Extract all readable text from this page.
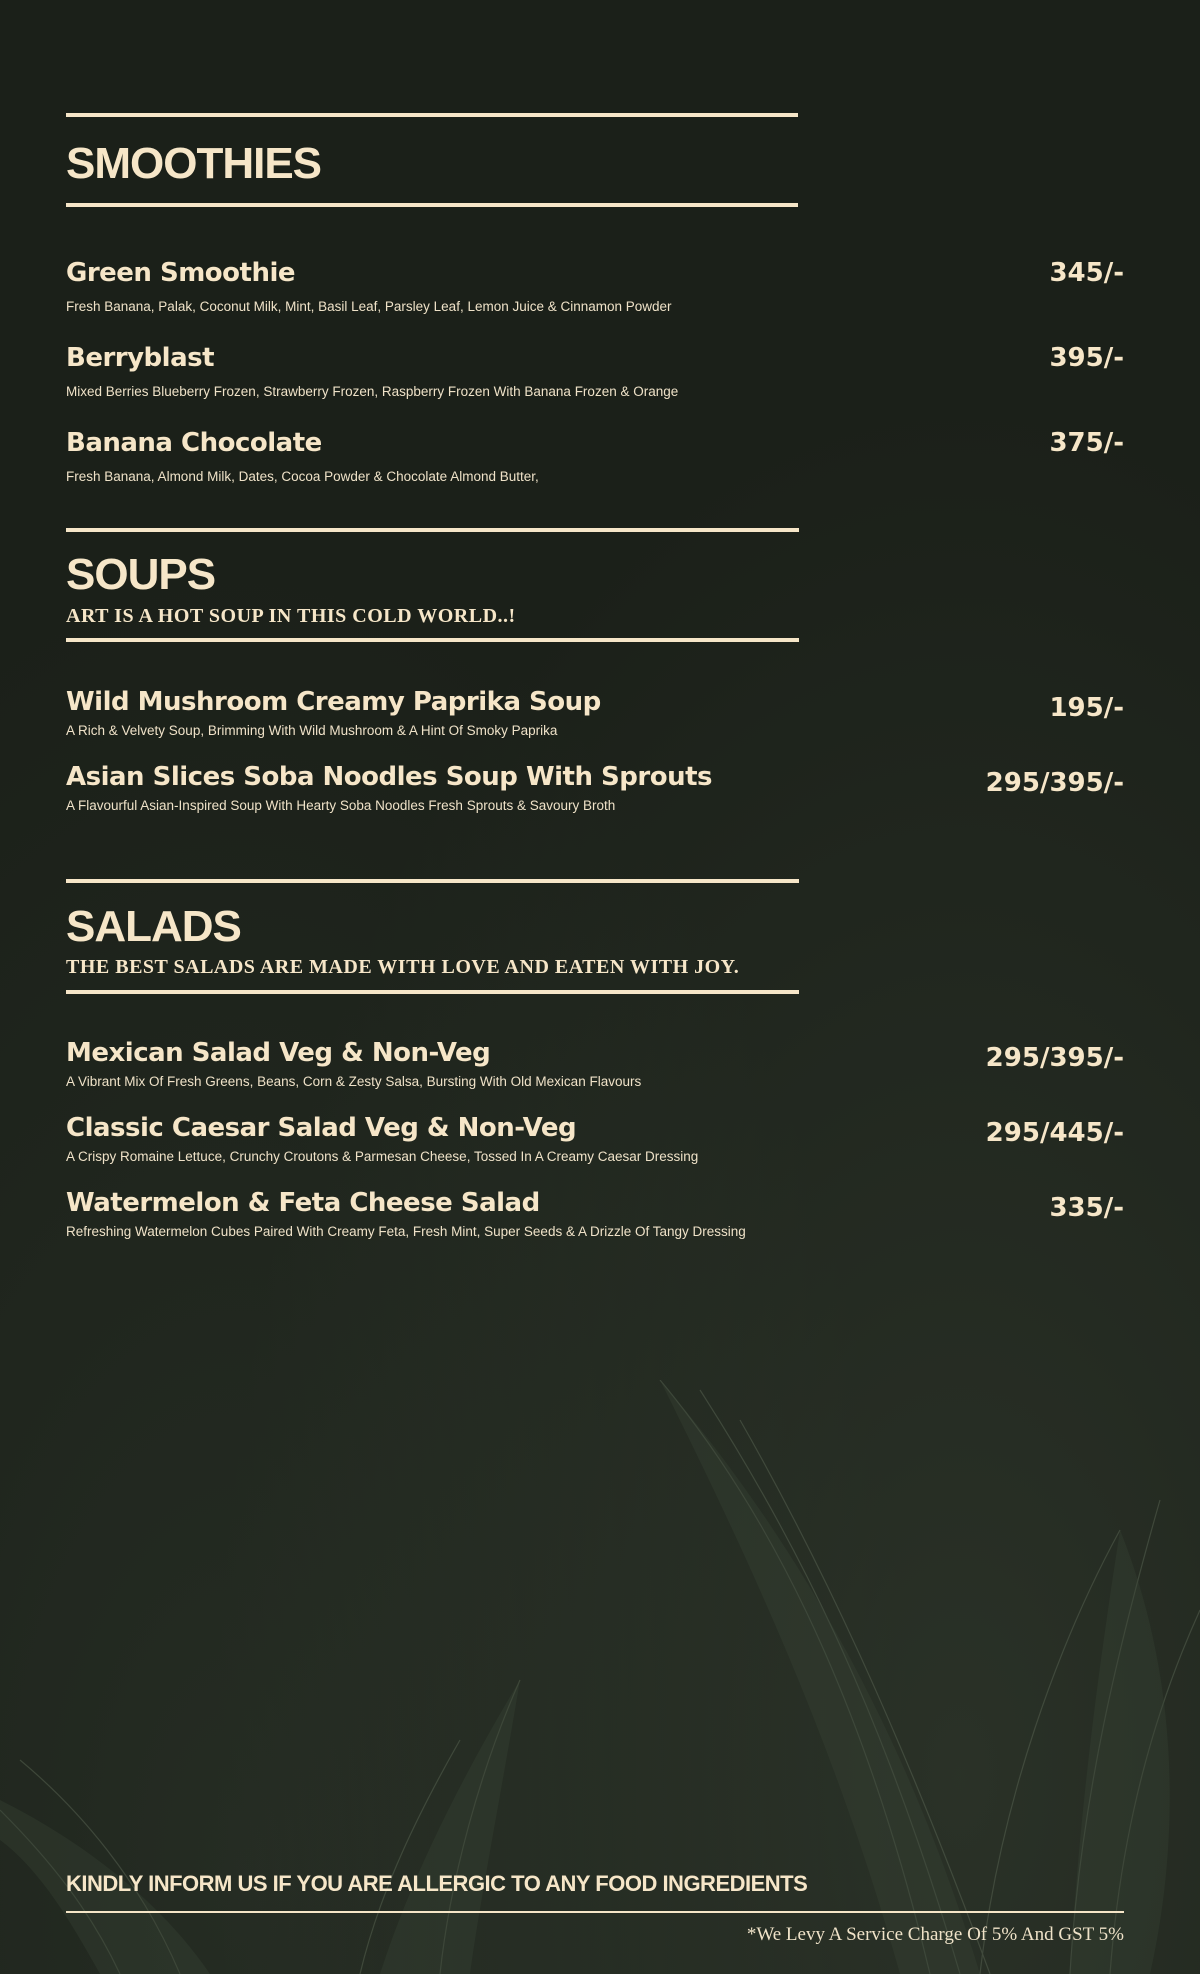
SMOOTHIES

Green Smoothie	345/-

Fresh Banana, Palak, Coconut Milk, Mint, Basil Leaf, Parsley Leaf, Lemon Juice & Cinnamon Powder

Berryblast	395/-

Mixed Berries Blueberry Frozen, Strawberry Frozen, Raspberry Frozen With Banana Frozen & Orange

Banana Chocolate	375/-

Fresh Banana, Almond Milk, Dates, Cocoa Powder & Chocolate Almond Butter,

SOUPS

ART IS A HOT SOUP IN THIS COLD WORLD..!

Wild Mushroom Creamy Paprika Soup	195/-

A Rich & Velvety Soup, Brimming With Wild Mushroom & A Hint Of Smoky Paprika

Asian Slices Soba Noodles Soup With Sprouts	295/395/-

A Flavourful Asian-Inspired Soup With Hearty Soba Noodles Fresh Sprouts & Savoury Broth

SALADS

THE BEST SALADS ARE MADE WITH LOVE AND EATEN WITH JOY.

Mexican Salad Veg & Non-Veg	295/395/-

A Vibrant Mix Of Fresh Greens, Beans, Corn & Zesty Salsa, Bursting With Old Mexican Flavours

Classic Caesar Salad Veg & Non-Veg	295/445/-

A Crispy Romaine Lettuce, Crunchy Croutons & Parmesan Cheese, Tossed In A Creamy Caesar Dressing

Watermelon & Feta Cheese Salad	335/-

Refreshing Watermelon Cubes Paired With Creamy Feta, Fresh Mint, Super Seeds & A Drizzle Of Tangy Dressing

KINDLY INFORM US IF YOU ARE ALLERGIC TO ANY FOOD INGREDIENTS

*We Levy A Service Charge Of 5% And GST 5%
